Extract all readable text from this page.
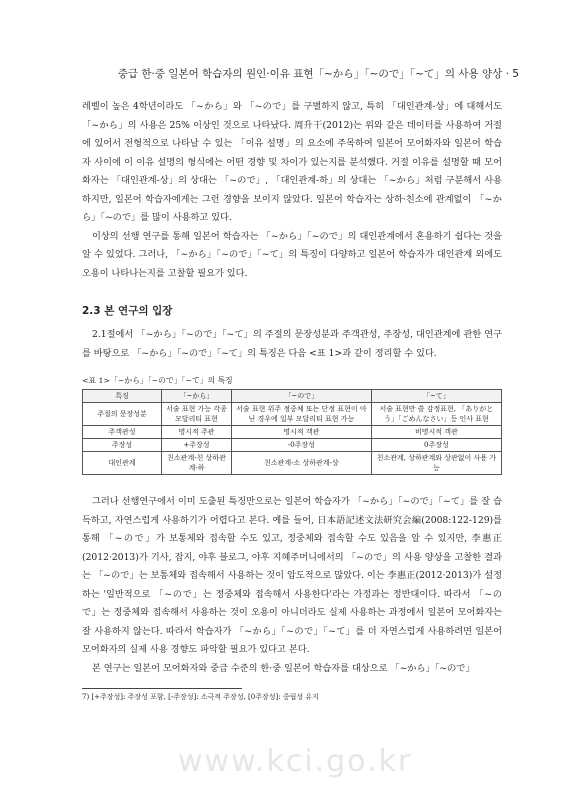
중급 한·중 일본어 학습자의 원인·이유 표현「~から」「~ので」「~て」의 사용 양상 · 5

레벨이 높은 4학년이라도 「~から」와 「~ので」를 구별하지 않고, 특히 「대인관계-상」에 대해서도 「~から」의 사용은 25% 이상인 것으로 나타났다. 周升干(2012)는 위와 같은 데이터를 사용하여 거절에 있어서 전형적으로 나타날 수 있는 「이유 설명」의 요소에 주목하여 일본어 모어화자와 일본어 학습자 사이에 이 이유 설명의 형식에는 어떤 경향 및 차이가 있는지를 분석했다. 거절 이유를 설명할 때 모어화자는 「대인관계-상」의 상대는 「~ので」, 「대인관계-하」의 상대는 「~から」처럼 구분해서 사용하지만, 일본어 학습자에게는 그런 경향을 보이지 않았다. 일본어 학습자는 상하·친소에 관계없이 「~から」「~ので」를 많이 사용하고 있다.

이상의 선행 연구를 통해 일본어 학습자는 「~から」「~ので」의 대인관계에서 혼용하기 쉽다는 것을 알 수 있었다. 그러나, 「~から」「~ので」「~て」의 특징이 다양하고 일본어 학습자가 대인관계 외에도 오용이 나타나는지를 고찰할 필요가 있다.

2.3 본 연구의 입장

2.1절에서 「~から」「~ので」「~て」의 주절의 문장성분과 주객관성, 주장성, 대인관계에 관한 연구를 바탕으로 「~から」「~ので」「~て」의 특징은 다음 <표 1>과 같이 정리할 수 있다.

<표 1>「~から」「~ので」「~て」의 특징
특징	「~から」	「~ので」	「~て」
주절의 문장성분	서술 표현 가능 각종 모달리티 표현	서술 표현 위주 정중체 또는 단정 표현이 아닌 경우에 일부 모달리티 표현 가능	서술 표현만 쓸 감정표현, 「ありがとう」「ごめんなさい」등 인사 표현
주객관성	명시적 주관	명시적 객관	비명시적 객관
주장성	+주장성	-0주장성	0주장성
대인관계	친소관계-친 상하관계-하	친소관계-소 상하관계-상	친소관계, 상하관계와 상관없이 사용 가능

그러나 선행연구에서 이미 도출된 특징만으로는 일본어 학습자가 「~から」「~ので」「~て」를 잘 습득하고, 자연스럽게 사용하기가 어렵다고 본다. 예를 들어, 日本語記述文法研究会編(2008:122-129)를 통해 「~ので」가 보통체와 접속할 수도 있고, 정중체와 접속할 수도 있음을 알 수 있지만, 李惠正(2012·2013)가 기사, 잡지, 야후 블로그, 야후 지혜주머니에서의 「~ので」의 사용 양상을 고찰한 결과는 「~ので」는 보통체와 접속해서 사용하는 것이 압도적으로 많았다. 이는 李惠正(2012·2013)가 설정하는 '일반적으로 「~ので」는 정중체와 접속해서 사용한다'라는 가정과는 정반대이다. 따라서 「~ので」는 정중체와 접속해서 사용하는 것이 오용이 아니더라도 실제 사용하는 과정에서 일본어 모어화자는 잘 사용하지 않는다. 따라서 학습자가 「~から」「~ので」「~て」를 더 자연스럽게 사용하려면 일본어 모어화자의 실제 사용 경향도 파악할 필요가 있다고 본다.

본 연구는 일본어 모어화자와 중급 수준의 한·중 일본어 학습자를 대상으로 「~から」「~ので」

7) [+주장성]: 주장성 포함, [-주장성]: 소극적 주장성, [0주장성]: 중립성 유지
www.kci.go.kr
